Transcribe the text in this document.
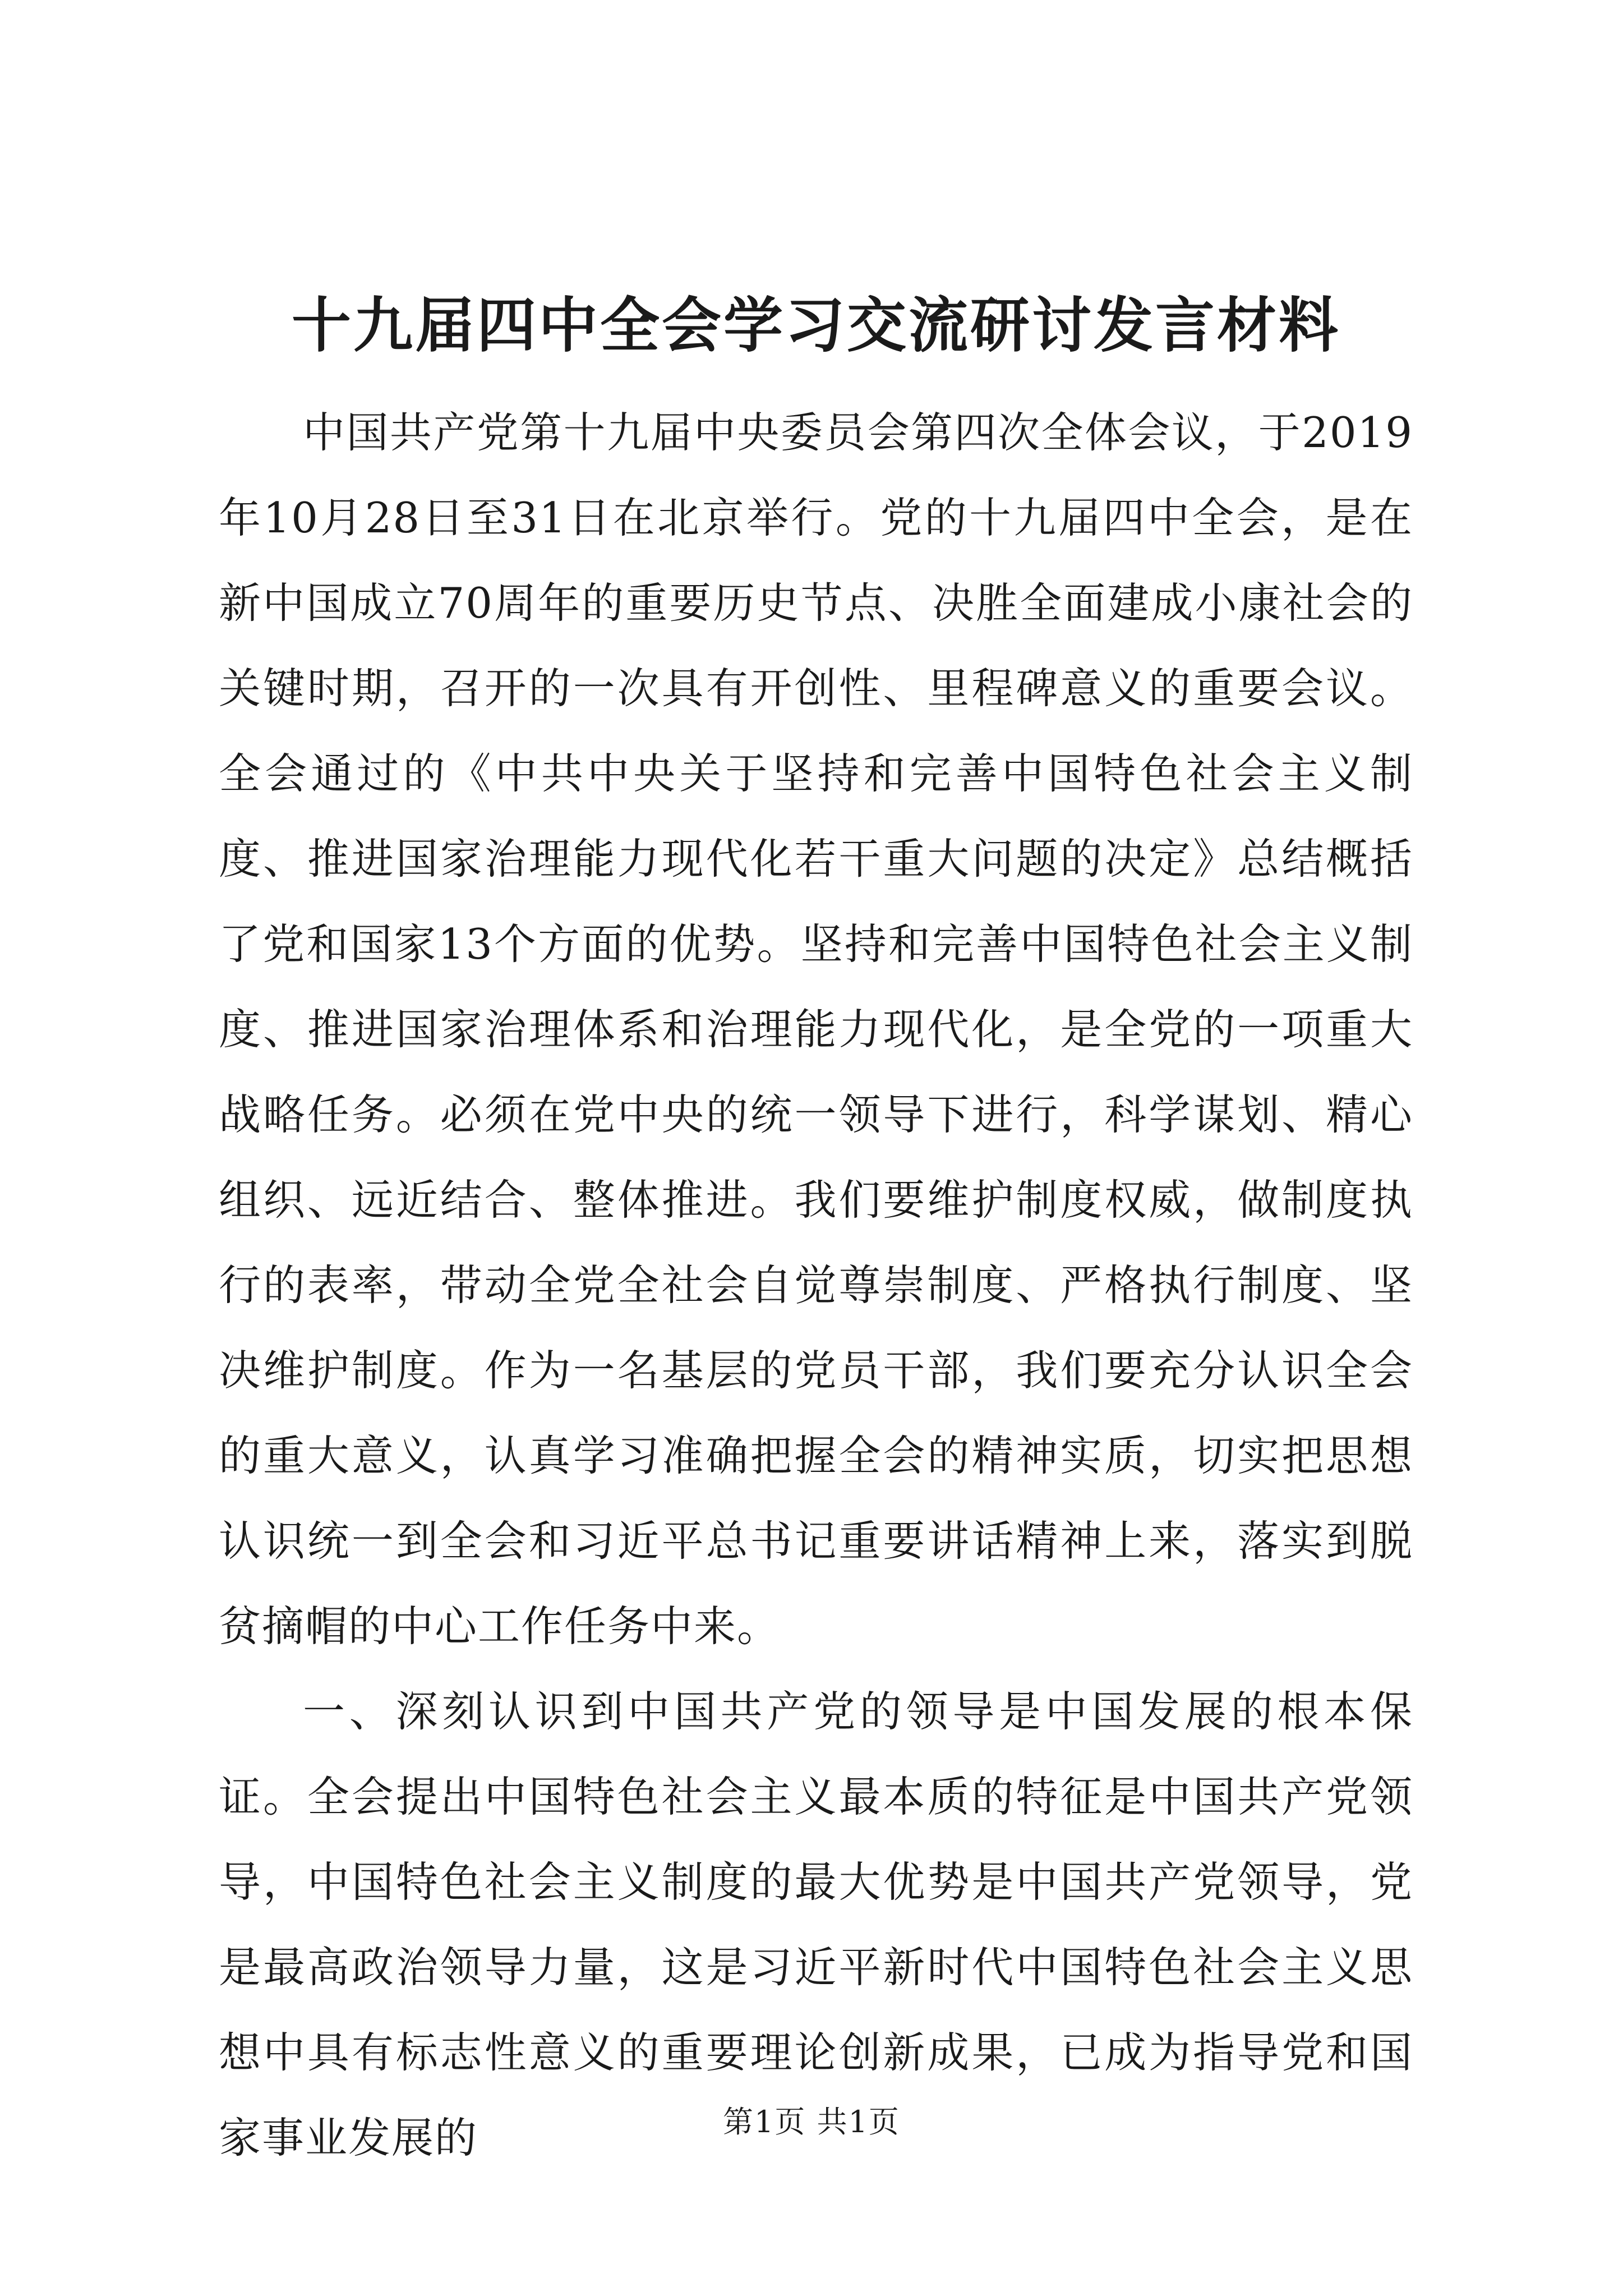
十九届四中全会学习交流研讨发言材料

中国共产党第十九届中央委员会第四次全体会议，于2019年10月28日至31日在北京举行。党的十九届四中全会，是在新中国成立70周年的重要历史节点、决胜全面建成小康社会的关键时期，召开的一次具有开创性、里程碑意义的重要会议。全会通过的《中共中央关于坚持和完善中国特色社会主义制度、推进国家治理能力现代化若干重大问题的决定》总结概括了党和国家13个方面的优势。坚持和完善中国特色社会主义制度、推进国家治理体系和治理能力现代化，是全党的一项重大战略任务。必须在党中央的统一领导下进行，科学谋划、精心组织、远近结合、整体推进。我们要维护制度权威，做制度执行的表率，带动全党全社会自觉尊崇制度、严格执行制度、坚决维护制度。作为一名基层的党员干部，我们要充分认识全会的重大意义，认真学习准确把握全会的精神实质，切实把思想认识统一到全会和习近平总书记重要讲话精神上来，落实到脱贫摘帽的中心工作任务中来。

一、深刻认识到中国共产党的领导是中国发展的根本保证。全会提出中国特色社会主义最本质的特征是中国共产党领导，中国特色社会主义制度的最大优势是中国共产党领导，党是最高政治领导力量，这是习近平新时代中国特色社会主义思想中具有标志性意义的重要理论创新成果，已成为指导党和国家事业发展的	第1页 共1页
